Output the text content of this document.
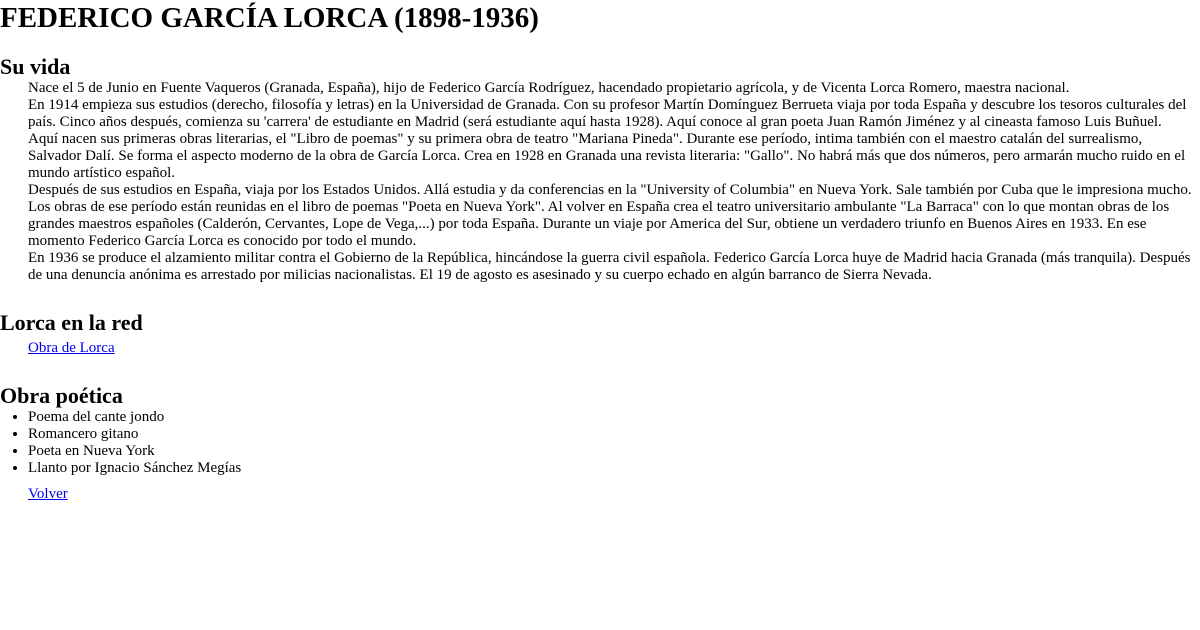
FEDERICO GARCÍA LORCA (1898-1936)
Su vida

Nace el 5 de Junio en Fuente Vaqueros (Granada, España), hijo de Federico García Rodríguez, hacendado propietario agrícola, y de Vicenta Lorca Romero, maestra nacional.

En 1914 empieza sus estudios (derecho, filosofía y letras) en la Universidad de Granada. Con su profesor Martín Domínguez Berrueta viaja por toda España y descubre los tesoros culturales del país. Cinco años después, comienza su 'carrera' de estudiante en Madrid (será estudiante aquí hasta 1928). Aquí conoce al gran poeta Juan Ramón Jiménez y al cineasta famoso Luis Buñuel. Aquí nacen sus primeras obras literarias, el "Libro de poemas" y su primera obra de teatro "Mariana Pineda". Durante ese período, intima también con el maestro catalán del surrealismo, Salvador Dalí. Se forma el aspecto moderno de la obra de García Lorca. Crea en 1928 en Granada una revista literaria: "Gallo". No habrá más que dos números, pero armarán mucho ruido en el mundo artístico español.

Después de sus estudios en España, viaja por los Estados Unidos. Allá estudia y da conferencias en la "University of Columbia" en Nueva York. Sale también por Cuba que le impresiona mucho. Los obras de ese período están reunidas en el libro de poemas "Poeta en Nueva York". Al volver en España crea el teatro universitario ambulante "La Barraca" con lo que montan obras de los grandes maestros españoles (Calderón, Cervantes, Lope de Vega,...) por toda España. Durante un viaje por America del Sur, obtiene un verdadero triunfo en Buenos Aires en 1933. En ese momento Federico García Lorca es conocido por todo el mundo.

En 1936 se produce el alzamiento militar contra el Gobierno de la República, hincándose la guerra civil española. Federico García Lorca huye de Madrid hacia Granada (más tranquila). Después de una denuncia anónima es arrestado por milicias nacionalistas. El 19 de agosto es asesinado y su cuerpo echado en algún barranco de Sierra Nevada.

Lorca en la red
Obra de Lorca
Obra poética
• Poema del cante jondo
• Romancero gitano
• Poeta en Nueva York
• Llanto por Ignacio Sánchez Megías
Volver
